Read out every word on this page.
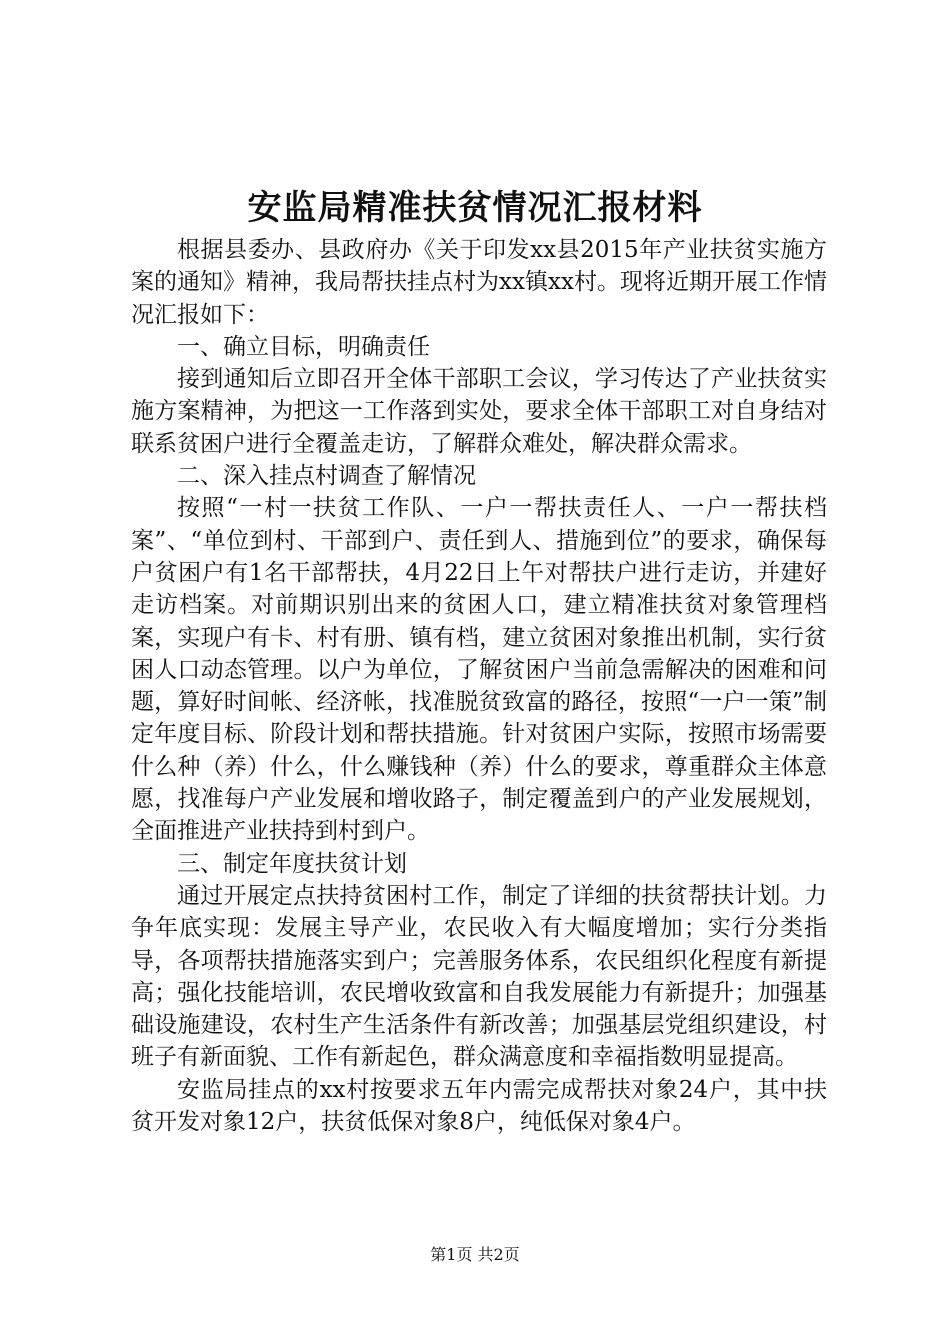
安监局精准扶贫情况汇报材料

根据县委办、县政府办《关于印发xx县2015年产业扶贫实施方案的通知》精神，我局帮扶挂点村为xx镇xx村。现将近期开展工作情况汇报如下：

一、确立目标，明确责任

接到通知后立即召开全体干部职工会议，学习传达了产业扶贫实施方案精神，为把这一工作落到实处，要求全体干部职工对自身结对联系贫困户进行全覆盖走访，了解群众难处，解决群众需求。

二、深入挂点村调查了解情况

按照“一村一扶贫工作队、一户一帮扶责任人、一户一帮扶档案”、“单位到村、干部到户、责任到人、措施到位”的要求，确保每户贫困户有1名干部帮扶，4月22日上午对帮扶户进行走访，并建好走访档案。对前期识别出来的贫困人口，建立精准扶贫对象管理档案，实现户有卡、村有册、镇有档，建立贫困对象推出机制，实行贫困人口动态管理。以户为单位，了解贫困户当前急需解决的困难和问题，算好时间帐、经济帐，找准脱贫致富的路径，按照“一户一策”制定年度目标、阶段计划和帮扶措施。针对贫困户实际，按照市场需要什么种（养）什么，什么赚钱种（养）什么的要求，尊重群众主体意愿，找准每户产业发展和增收路子，制定覆盖到户的产业发展规划，全面推进产业扶持到村到户。

三、制定年度扶贫计划

通过开展定点扶持贫困村工作，制定了详细的扶贫帮扶计划。力争年底实现：发展主导产业，农民收入有大幅度增加；实行分类指导，各项帮扶措施落实到户；完善服务体系，农民组织化程度有新提高；强化技能培训，农民增收致富和自我发展能力有新提升；加强基础设施建设，农村生产生活条件有新改善；加强基层党组织建设，村班子有新面貌、工作有新起色，群众满意度和幸福指数明显提高。

安监局挂点的xx村按要求五年内需完成帮扶对象24户，其中扶贫开发对象12户，扶贫低保对象8户，纯低保对象4户。

第1页 共2页
